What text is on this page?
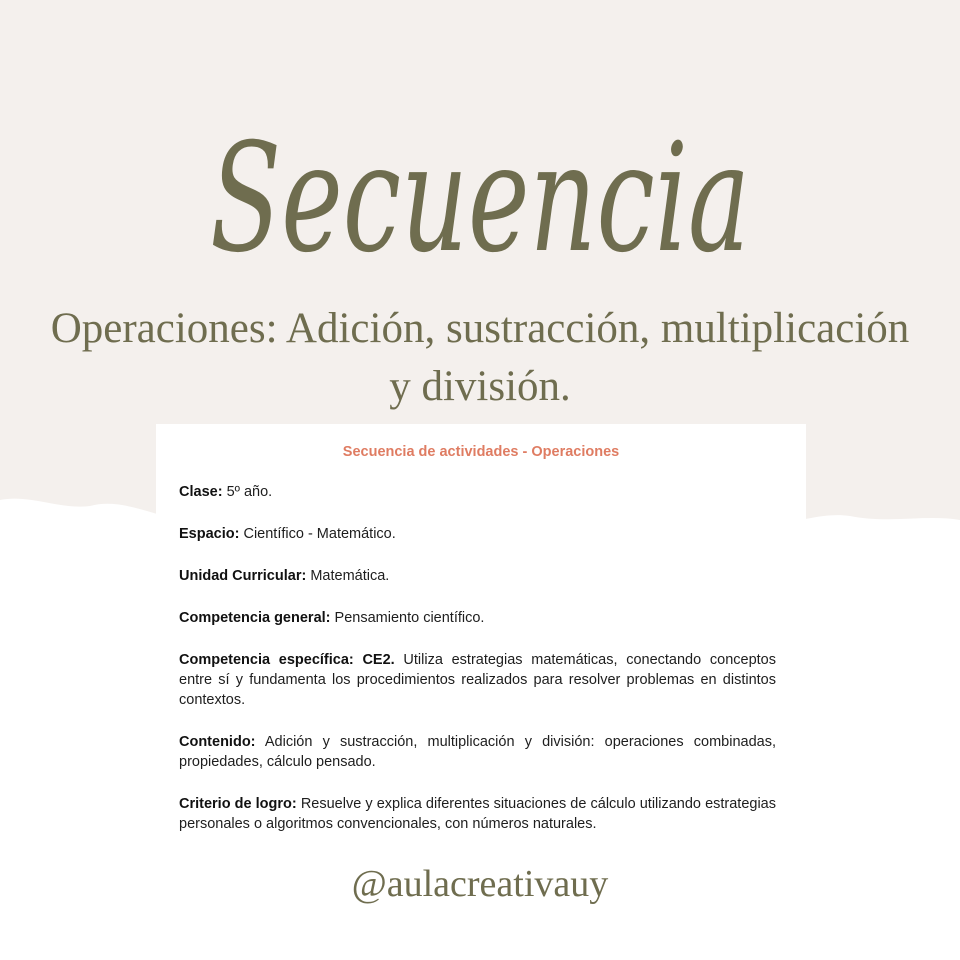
Secuencia
Operaciones: Adición, sustracción, multiplicación
y división.
Secuencia de actividades - Operaciones
Clase: 5º año.
Espacio: Científico - Matemático.
Unidad Curricular: Matemática.
Competencia general: Pensamiento científico.
Competencia específica: CE2. Utiliza estrategias matemáticas, conectando conceptos entre sí y fundamenta los procedimientos realizados para resolver problemas en distintos contextos.
Contenido: Adición y sustracción, multiplicación y división: operaciones combinadas, propiedades, cálculo pensado.
Criterio de logro: Resuelve y explica diferentes situaciones de cálculo utilizando estrategias personales o algoritmos convencionales, con números naturales.
@aulacreativauy
